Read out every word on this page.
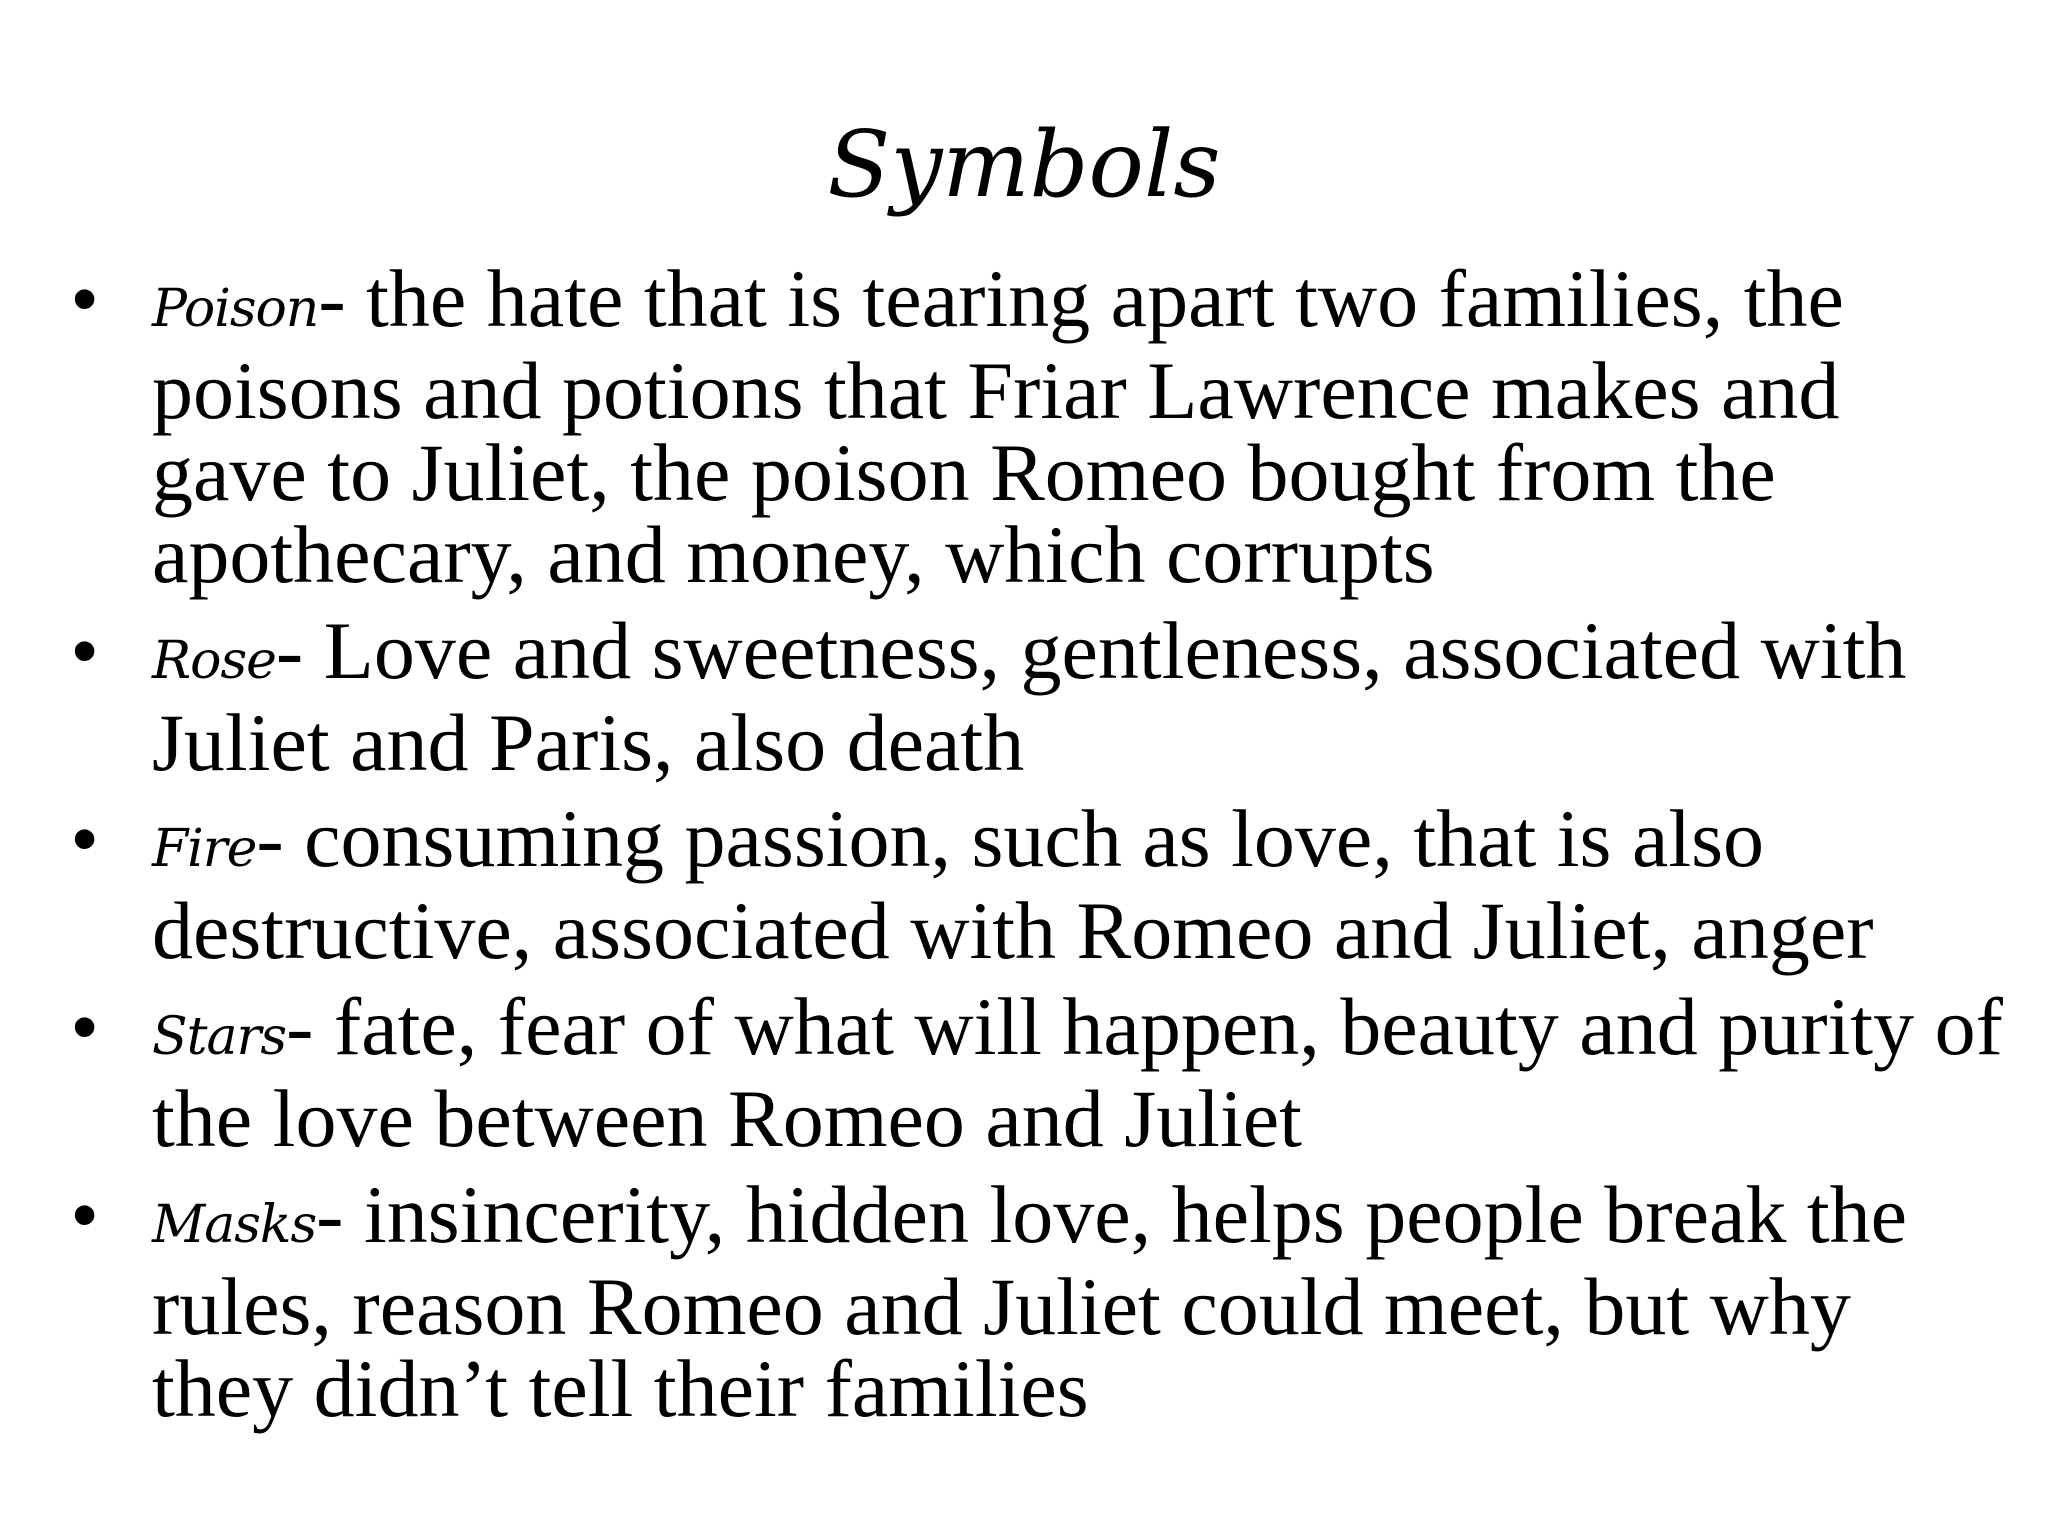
Symbols
•	Poison- the hate that is tearing apart two families, the poisons and potions that Friar Lawrence makes and gave to Juliet, the poison Romeo bought from the apothecary, and money, which corrupts
•	Rose- Love and sweetness, gentleness, associated with Juliet and Paris, also death
•	Fire- consuming passion, such as love, that is also destructive, associated with Romeo and Juliet, anger
•	Stars- fate, fear of what will happen, beauty and purity of the love between Romeo and Juliet
•	Masks- insincerity, hidden love, helps people break the rules, reason Romeo and Juliet could meet, but why they didn’t tell their families
